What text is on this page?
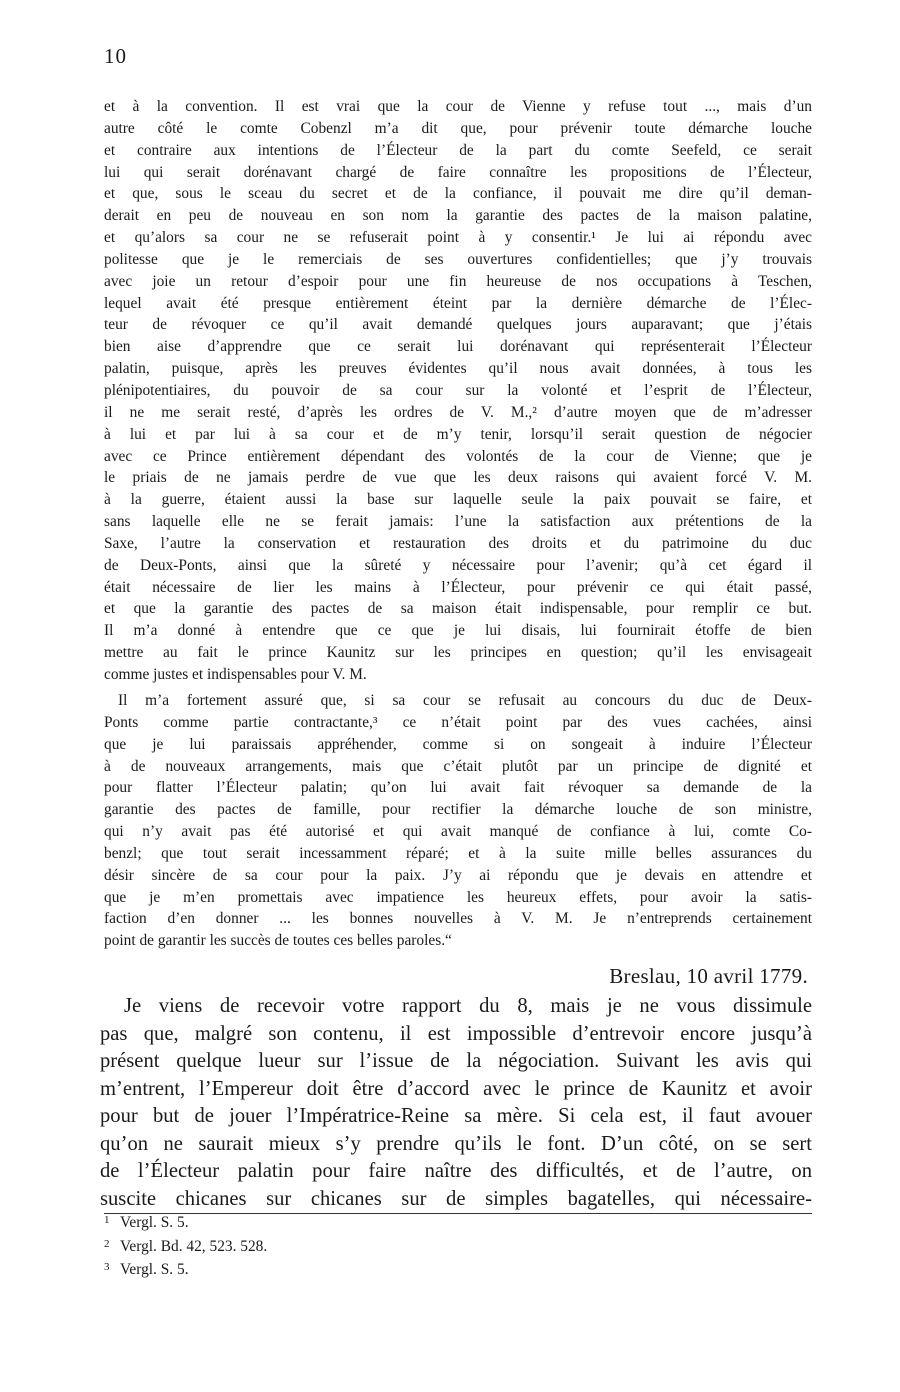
10
et à la convention. Il est vrai que la cour de Vienne y refuse tout ..., mais d’un
autre côté le comte Cobenzl m’a dit que, pour prévenir toute démarche louche
et contraire aux intentions de l’Électeur de la part du comte Seefeld, ce serait
lui qui serait dorénavant chargé de faire connaître les propositions de l’Électeur,
et que, sous le sceau du secret et de la confiance, il pouvait me dire qu’il deman-
derait en peu de nouveau en son nom la garantie des pactes de la maison palatine,
et qu’alors sa cour ne se refuserait point à y consentir.¹ Je lui ai répondu avec
politesse que je le remerciais de ses ouvertures confidentielles; que j’y trouvais
avec joie un retour d’espoir pour une fin heureuse de nos occupations à Teschen,
lequel avait été presque entièrement éteint par la dernière démarche de l’Élec-
teur de révoquer ce qu’il avait demandé quelques jours auparavant; que j’étais
bien aise d’apprendre que ce serait lui dorénavant qui représenterait l’Électeur
palatin, puisque, après les preuves évidentes qu’il nous avait données, à tous les
plénipotentiaires, du pouvoir de sa cour sur la volonté et l’esprit de l’Électeur,
il ne me serait resté, d’après les ordres de V. M.,² d’autre moyen que de m’adresser
à lui et par lui à sa cour et de m’y tenir, lorsqu’il serait question de négocier
avec ce Prince entièrement dépendant des volontés de la cour de Vienne; que je
le priais de ne jamais perdre de vue que les deux raisons qui avaient forcé V. M.
à la guerre, étaient aussi la base sur laquelle seule la paix pouvait se faire, et
sans laquelle elle ne se ferait jamais: l’une la satisfaction aux prétentions de la
Saxe, l’autre la conservation et restauration des droits et du patrimoine du duc
de Deux-Ponts, ainsi que la sûreté y nécessaire pour l’avenir; qu’à cet égard il
était nécessaire de lier les mains à l’Électeur, pour prévenir ce qui était passé,
et que la garantie des pactes de sa maison était indispensable, pour remplir ce but.
Il m’a donné à entendre que ce que je lui disais, lui fournirait étoffe de bien
mettre au fait le prince Kaunitz sur les principes en question; qu’il les envisageait
comme justes et indispensables pour V. M.
Il m’a fortement assuré que, si sa cour se refusait au concours du duc de Deux-
Ponts comme partie contractante,³ ce n’était point par des vues cachées, ainsi
que je lui paraissais appréhender, comme si on songeait à induire l’Électeur
à de nouveaux arrangements, mais que c’était plutôt par un principe de dignité et
pour flatter l’Électeur palatin; qu’on lui avait fait révoquer sa demande de la
garantie des pactes de famille, pour rectifier la démarche louche de son ministre,
qui n’y avait pas été autorisé et qui avait manqué de confiance à lui, comte Co-
benzl; que tout serait incessamment réparé; et à la suite mille belles assurances du
désir sincère de sa cour pour la paix. J’y ai répondu que je devais en attendre et
que je m’en promettais avec impatience les heureux effets, pour avoir la satis-
faction d’en donner ... les bonnes nouvelles à V. M. Je n’entreprends certainement
point de garantir les succès de toutes ces belles paroles.“
Breslau, 10 avril 1779.
Je viens de recevoir votre rapport du 8, mais je ne vous dissimule
pas que, malgré son contenu, il est impossible d’entrevoir encore jusqu’à
présent quelque lueur sur l’issue de la négociation. Suivant les avis qui
m’entrent, l’Empereur doit être d’accord avec le prince de Kaunitz et avoir
pour but de jouer l’Impératrice-Reine sa mère. Si cela est, il faut avouer
qu’on ne saurait mieux s’y prendre qu’ils le font. D’un côté, on se sert
de l’Électeur palatin pour faire naître des difficultés, et de l’autre, on
suscite chicanes sur chicanes sur de simples bagatelles, qui nécessaire-
1 Vergl. S. 5.
2 Vergl. Bd. 42, 523. 528.
3 Vergl. S. 5.
